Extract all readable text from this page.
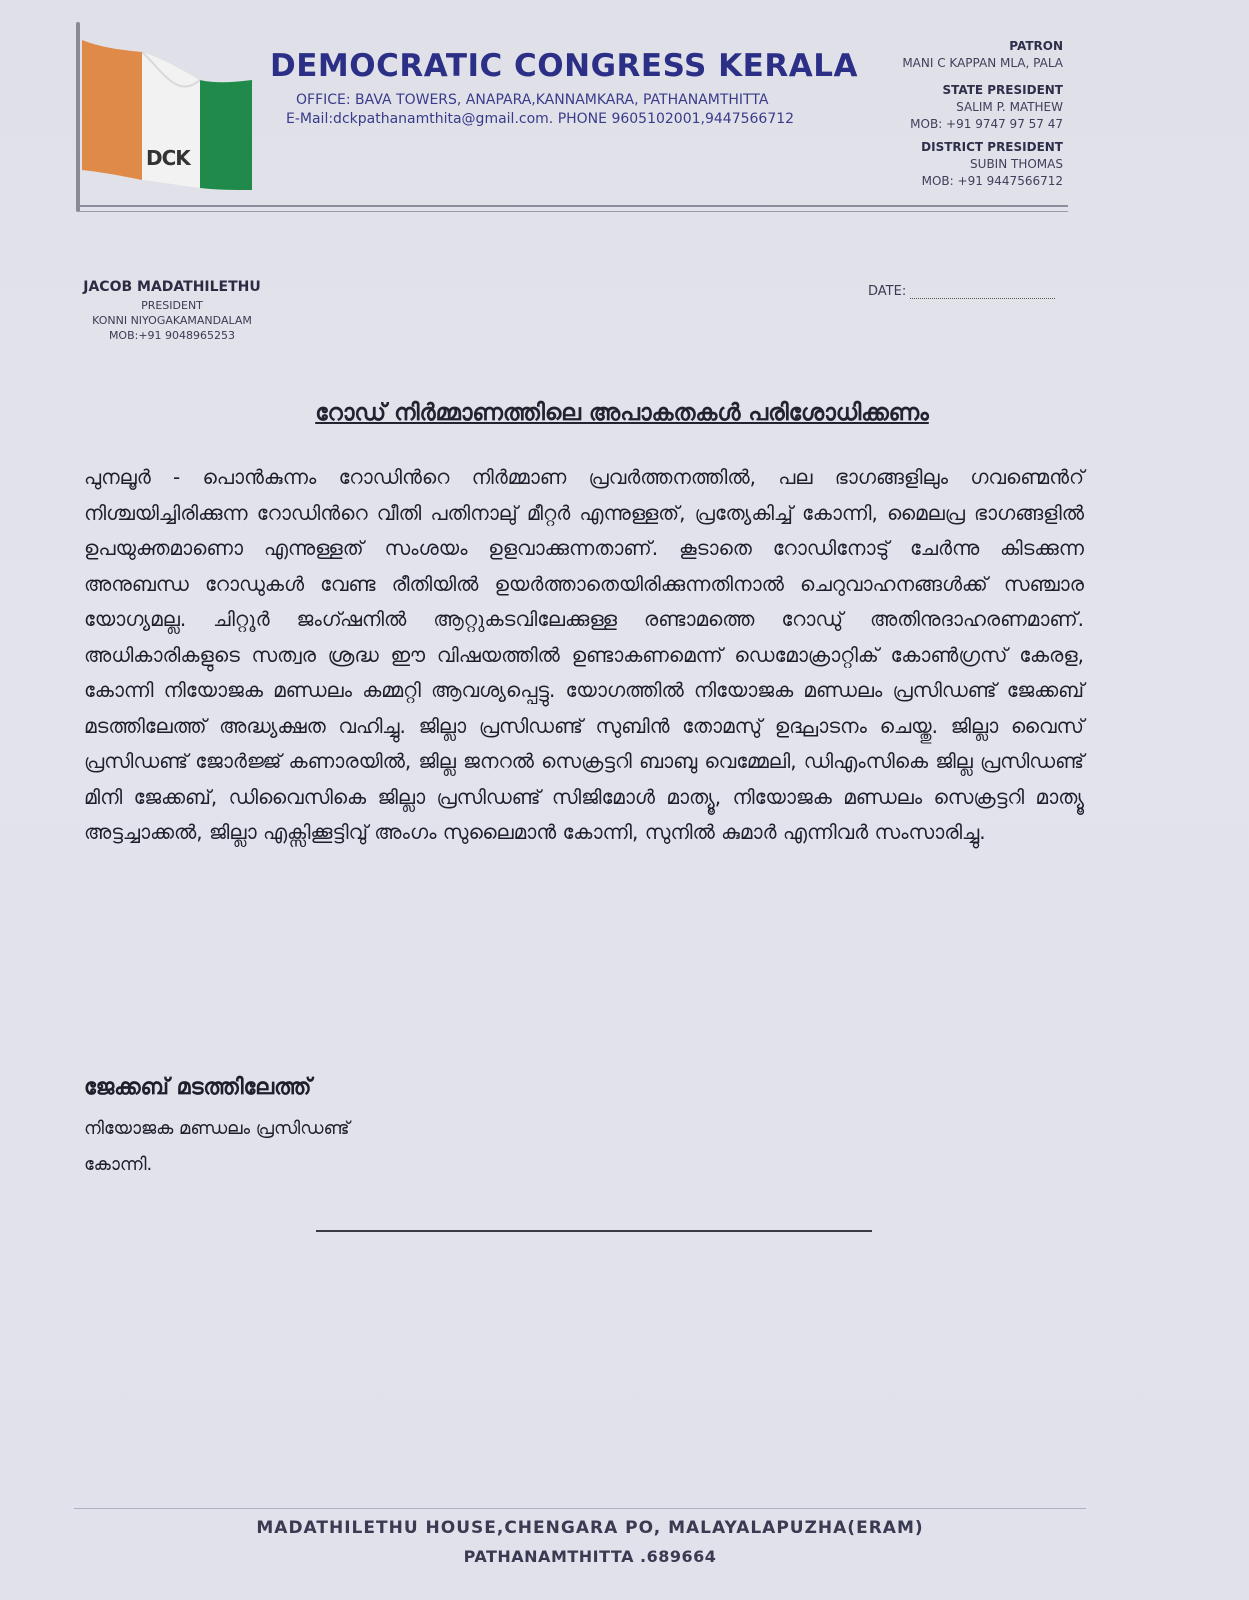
DCK
DEMOCRATIC CONGRESS KERALA
OFFICE: BAVA TOWERS, ANAPARA,KANNAMKARA, PATHANAMTHITTA
E-Mail:dckpathanamthita@gmail.com. PHONE 9605102001,9447566712
PATRON
MANI C KAPPAN MLA, PALA
STATE PRESIDENT
SALIM P. MATHEW
MOB: +91 9747 97 57 47
DISTRICT PRESIDENT
SUBIN THOMAS
MOB: +91 9447566712
JACOB MADATHILETHU
PRESIDENT
KONNI NIYOGAKAMANDALAM
MOB:+91 9048965253
DATE:
റോഡ് നിർമ്മാണത്തിലെ അപാകതകൾ പരിശോധിക്കണം
പുനലൂർ - പൊൻകുന്നം റോഡിൻറെ നിർമ്മാണ പ്രവർത്തനത്തിൽ, പല ഭാഗങ്ങളിലും ഗവണ്മെൻറ് നിശ്ചയിച്ചിരിക്കുന്ന റോഡിൻറെ വീതി പതിനാലു് മീറ്റർ എന്നുള്ളത്, പ്രത്യേകിച്ച് കോന്നി, മൈലപ്ര ഭാഗങ്ങളിൽ ഉപയുക്തമാണൊ എന്നുള്ളത് സംശയം ഉളവാക്കുന്നതാണ്. കൂടാതെ റോഡിനോടു് ചേർന്നു കിടക്കുന്ന അനുബന്ധ റോഡുകൾ വേണ്ട രീതിയിൽ ഉയർത്താതെയിരിക്കുന്നതിനാൽ ചെറുവാഹനങ്ങൾക്ക് സഞ്ചാര യോഗ്യമല്ല. ചിറ്റൂർ ജംഗ്ഷനിൽ ആറ്റുകടവിലേക്കുള്ള രണ്ടാമത്തെ റോഡു് അതിനുദാഹരണമാണ്. അധികാരികളുടെ സത്വര ശ്രദ്ധ ഈ വിഷയത്തിൽ ഉണ്ടാകണമെന്ന് ഡെമോക്രാറ്റിക് കോൺഗ്രസ് കേരള, കോന്നി നിയോജക മണ്ഡലം കമ്മറ്റി ആവശ്യപ്പെട്ടു. യോഗത്തിൽ നിയോജക മണ്ഡലം പ്രസിഡണ്ട് ജേക്കബ് മടത്തിലേത്ത് അദ്ധ്യക്ഷത വഹിച്ചു. ജില്ലാ പ്രസിഡണ്ട് സുബിൻ തോമസു് ഉദ്ഘാടനം ചെയ്തു. ജില്ലാ വൈസ് പ്രസിഡണ്ട് ജോർജ്ജ് കണാരയിൽ, ജില്ല ജനറൽ സെക്രട്ടറി ബാബു വെമ്മേലി, ഡിഎംസികെ ജില്ല പ്രസിഡണ്ട് മിനി ജേക്കബ്, ഡിവൈസികെ ജില്ലാ പ്രസിഡണ്ട് സിജിമോൾ മാത്യൂ, നിയോജക മണ്ഡലം സെക്രട്ടറി മാത്യൂ അട്ടച്ചാക്കൽ, ജില്ലാ എക്സിക്കൂട്ടിവു് അംഗം സുലൈമാൻ കോന്നി, സുനിൽ കുമാർ എന്നിവർ സംസാരിച്ചു.
ജേക്കബ് മടത്തിലേത്ത്
നിയോജക മണ്ഡലം പ്രസിഡണ്ട്
കോന്നി.
MADATHILETHU HOUSE,CHENGARA PO, MALAYALAPUZHA(ERAM)
PATHANAMTHITTA .689664
